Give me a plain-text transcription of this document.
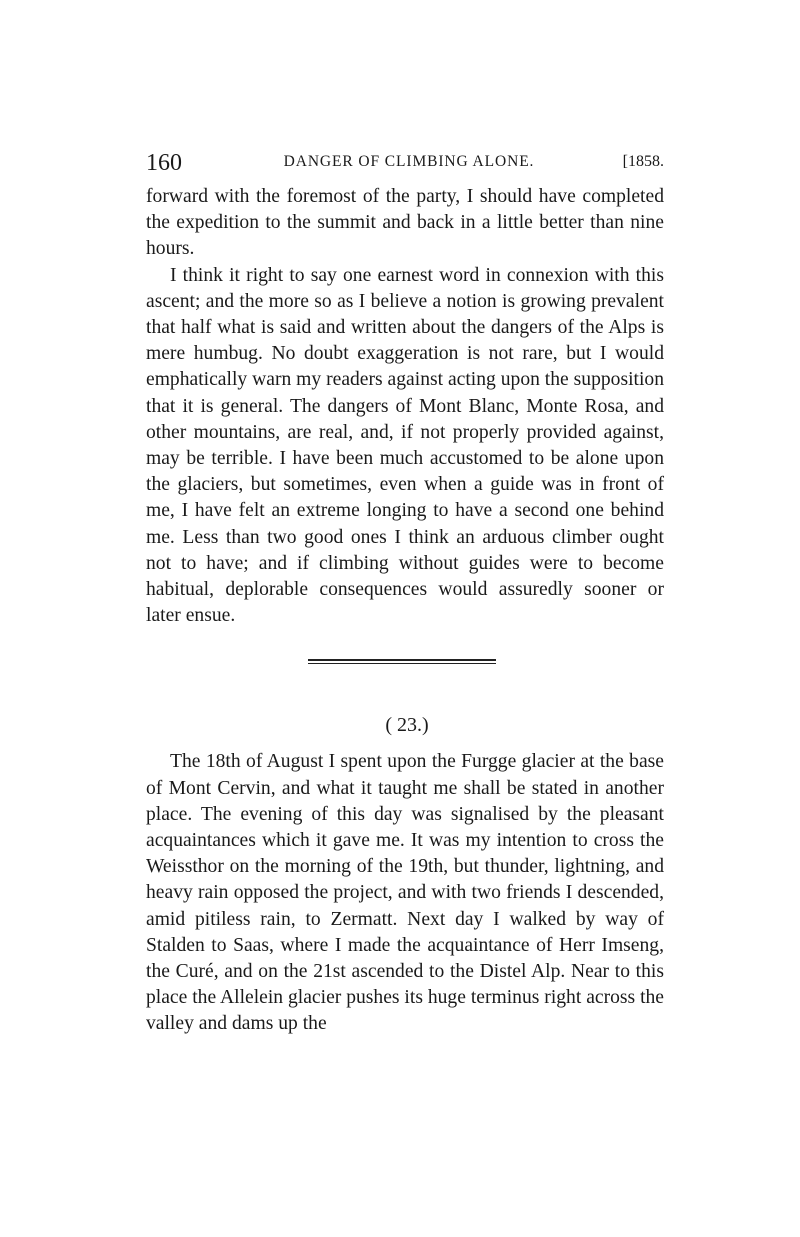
160	DANGER OF CLIMBING ALONE.	[1858.

forward with the foremost of the party, I should have completed the expedition to the summit and back in a little better than nine hours.

I think it right to say one earnest word in connexion with this ascent; and the more so as I believe a notion is growing prevalent that half what is said and written about the dangers of the Alps is mere humbug. No doubt exaggeration is not rare, but I would emphatically warn my readers against acting upon the supposition that it is general. The dangers of Mont Blanc, Monte Rosa, and other mountains, are real, and, if not properly provided against, may be terrible. I have been much accustomed to be alone upon the glaciers, but sometimes, even when a guide was in front of me, I have felt an extreme longing to have a second one behind me. Less than two good ones I think an arduous climber ought not to have; and if climbing without guides were to become habitual, deplorable consequences would assuredly sooner or later ensue.

( 23.)

The 18th of August I spent upon the Furgge glacier at the base of Mont Cervin, and what it taught me shall be stated in another place. The evening of this day was signalised by the pleasant acquaintances which it gave me. It was my intention to cross the Weissthor on the morning of the 19th, but thunder, lightning, and heavy rain opposed the project, and with two friends I descended, amid pitiless rain, to Zermatt. Next day I walked by way of Stalden to Saas, where I made the acquaintance of Herr Imseng, the Curé, and on the 21st ascended to the Distel Alp. Near to this place the Allelein glacier pushes its huge terminus right across the valley and dams up the
